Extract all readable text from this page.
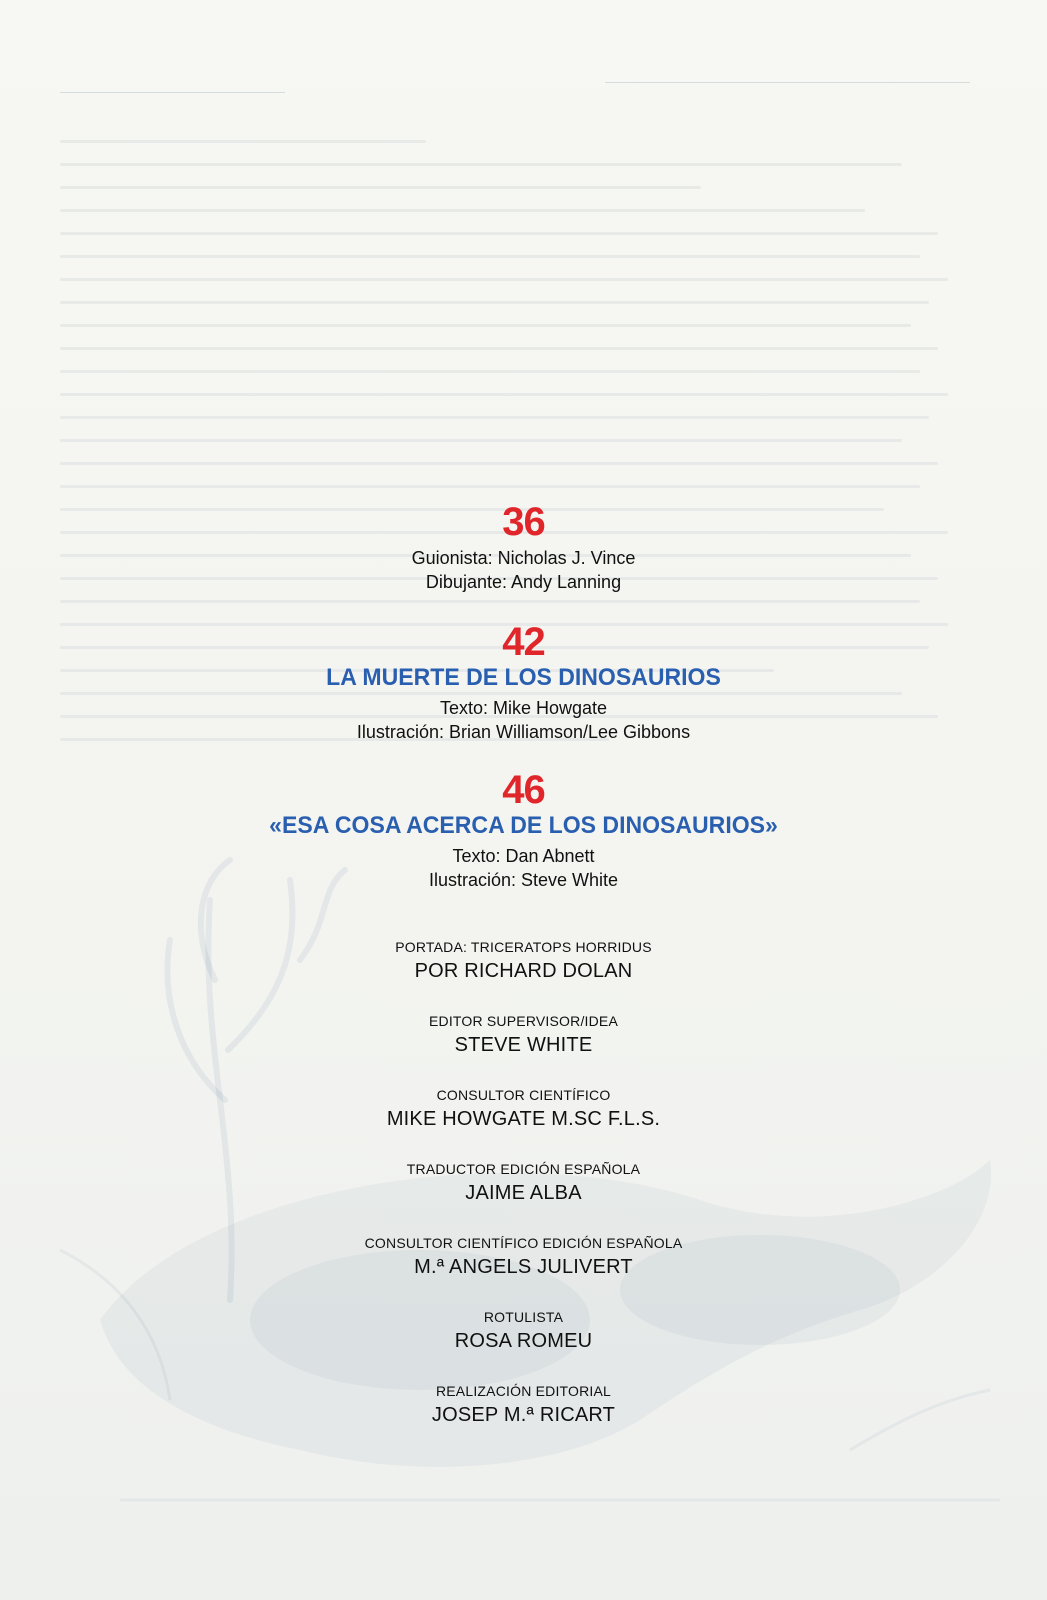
36
Guionista: Nicholas J. Vince
Dibujante: Andy Lanning
42
LA MUERTE DE LOS DINOSAURIOS
Texto: Mike Howgate
Ilustración: Brian Williamson/Lee Gibbons
46
«ESA COSA ACERCA DE LOS DINOSAURIOS»
Texto: Dan Abnett
Ilustración: Steve White
PORTADA: TRICERATOPS HORRIDUS
POR RICHARD DOLAN
EDITOR SUPERVISOR/IDEA
STEVE WHITE
CONSULTOR CIENTÍFICO
MIKE HOWGATE M.SC F.L.S.
TRADUCTOR EDICIÓN ESPAÑOLA
JAIME ALBA
CONSULTOR CIENTÍFICO EDICIÓN ESPAÑOLA
M.ª ANGELS JULIVERT
ROTULISTA
ROSA ROMEU
REALIZACIÓN EDITORIAL
JOSEP M.ª RICART
